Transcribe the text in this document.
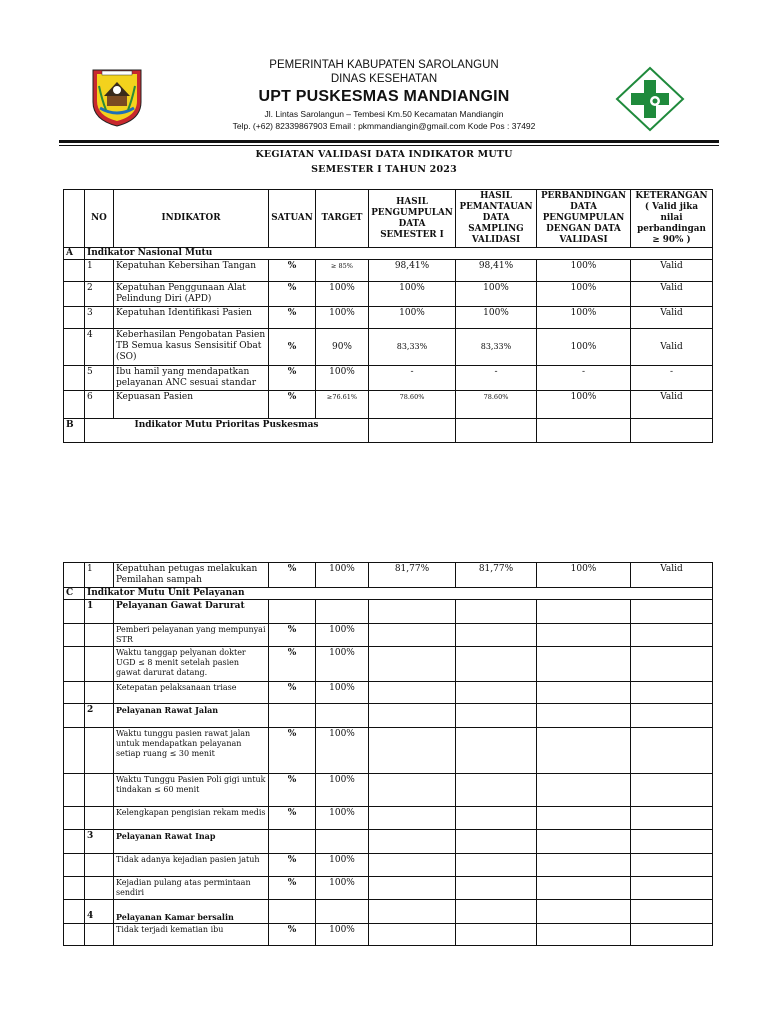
PEMERINTAH KABUPATEN SAROLANGUN
DINAS KESEHATAN
UPT PUSKESMAS MANDIANGIN
Jl. Lintas Sarolangun – Tembesi Km.50 Kecamatan Mandiangin
Telp. (+62) 82339867903 Email : pkmmandiangin@gmail.com Kode Pos : 37492
KEGIATAN VALIDASI DATA INDIKATOR MUTU
SEMESTER I TAHUN 2023
	NO	INDIKATOR	SATUAN	TARGET	HASIL PENGUMPULAN DATA SEMESTER I	HASIL PEMANTAUAN DATA SAMPLING VALIDASI	PERBANDINGAN DATA PENGUMPULAN DENGAN DATA VALIDASI	KETERANGAN
( Valid jika nilai perbandingan ≥ 90% )

A	Indikator Nasional Mutu							
	1	Kepatuhan Kebersihan Tangan	%	≥ 85%	98,41%	98,41%	100%	Valid
	2	Kepatuhan Penggunaan Alat Pelindung Diri (APD)	%	100%	100%	100%	100%	Valid
	3	Kepatuhan Identifikasi Pasien	%	100%	100%	100%	100%	Valid
	4	Keberhasilan Pengobatan Pasien TB Semua kasus Sensisitif Obat (SO)	%	90%	83,33%	83,33%	100%	Valid
	5	Ibu hamil yang mendapatkan pelayanan ANC sesuai standar	%	100%	-	-	-	-
	6	Kepuasan Pasien	%	≥76.61%	78.60%	78.60%	100%	Valid
B	Indikator Mutu Prioritas Puskesmas							
	1	Kepatuhan petugas melakukan Pemilahan sampah	%	100%	81,77%	81,77%	100%	Valid
C	Indikator Mutu Unit Pelayanan							
	1	Pelayanan Gawat Darurat						
		Pemberi pelayanan yang mempunyai STR	%	100%				
		Waktu tanggap pelyanan dokter UGD ≤ 8 menit setelah pasien gawat darurat datang.	%	100%				
		Ketepatan pelaksanaan triase	%	100%				
	2	Pelayanan Rawat Jalan						
		Waktu tunggu pasien rawat jalan untuk mendapatkan pelayanan setiap ruang ≤ 30 menit	%	100%				
		Waktu Tunggu Pasien Poli gigi untuk tindakan ≤ 60 menit	%	100%				
		Kelengkapan pengisian rekam medis	%	100%				
	3	Pelayanan Rawat Inap						
		Tidak adanya kejadian pasien jatuh	%	100%				
		Kejadian pulang atas permintaan sendiri	%	100%				
	4	Pelayanan Kamar bersalin						
		Tidak terjadi kematian ibu	%	100%				
